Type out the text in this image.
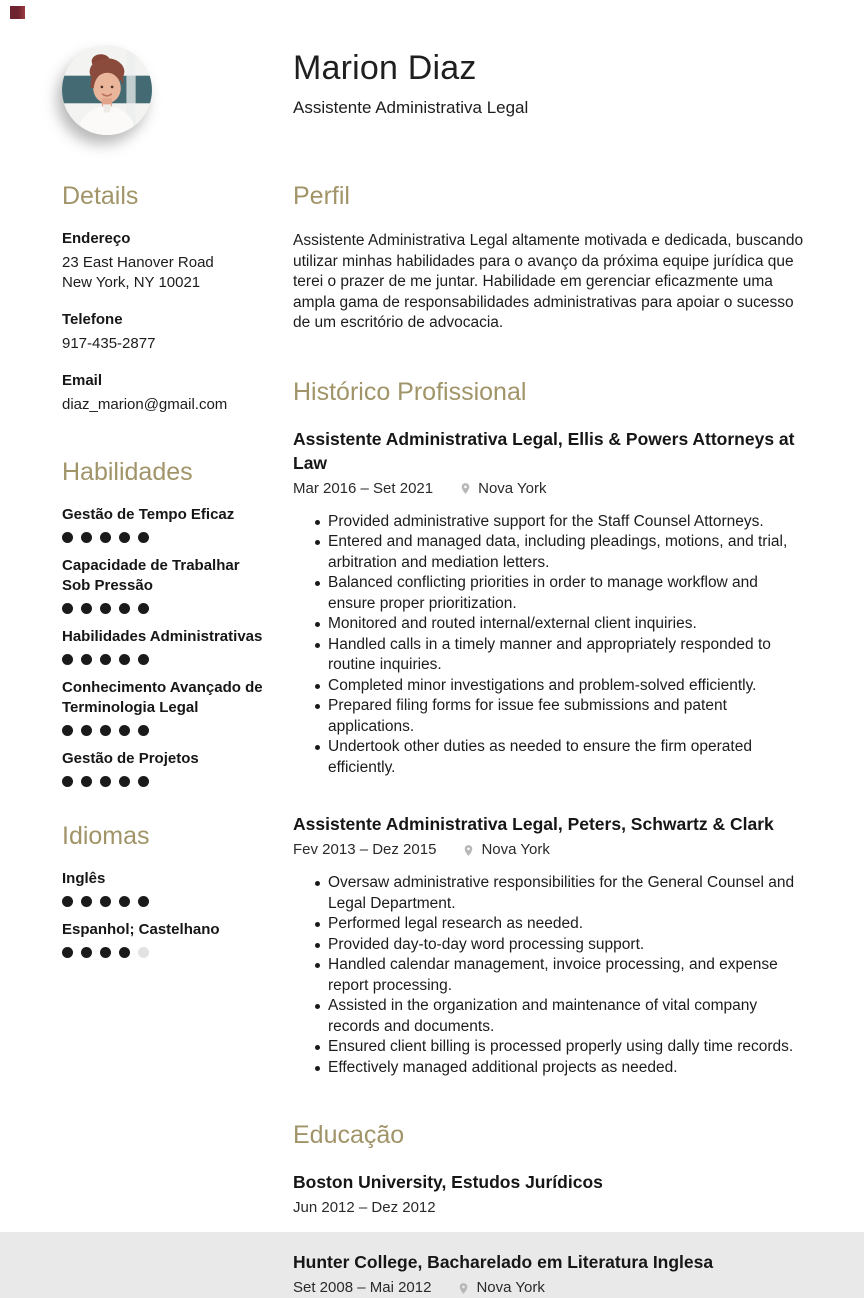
Marion Diaz
Assistente Administrativa Legal
Details
Endereço
23 East Hanover Road
New York, NY 10021
Telefone
917-435-2877
Email
diaz_marion@gmail.com
Habilidades
Gestão de Tempo Eficaz
Capacidade de Trabalhar Sob Pressão
Habilidades Administrativas
Conhecimento Avançado de Terminologia Legal
Gestão de Projetos
Idiomas
Inglês
Espanhol; Castelhano
Perfil

Assistente Administrativa Legal altamente motivada e dedicada, buscando utilizar minhas habilidades para o avanço da próxima equipe jurídica que terei o prazer de me juntar. Habilidade em gerenciar eficazmente uma ampla gama de responsabilidades administrativas para apoiar o sucesso de um escritório de advocacia.

Histórico Profissional
Assistente Administrativa Legal, Ellis & Powers Attorneys at Law
Mar 2016 – Set 2021	Nova York
Provided administrative support for the Staff Counsel Attorneys.
Entered and managed data, including pleadings, motions, and trial, arbitration and mediation letters.
Balanced conflicting priorities in order to manage workflow and ensure proper prioritization.
Monitored and routed internal/external client inquiries.
Handled calls in a timely manner and appropriately responded to routine inquiries.
Completed minor investigations and problem-solved efficiently.
Prepared filing forms for issue fee submissions and patent applications.
Undertook other duties as needed to ensure the firm operated efficiently.
Assistente Administrativa Legal, Peters, Schwartz & Clark
Fev 2013 – Dez 2015	Nova York
Oversaw administrative responsibilities for the General Counsel and Legal Department.
Performed legal research as needed.
Provided day-to-day word processing support.
Handled calendar management, invoice processing, and expense report processing.
Assisted in the organization and maintenance of vital company records and documents.
Ensured client billing is processed properly using dally time records.
Effectively managed additional projects as needed.
Educação
Boston University, Estudos Jurídicos
Jun 2012 – Dez 2012
Hunter College, Bacharelado em Literatura Inglesa
Set 2008 – Mai 2012	Nova York
